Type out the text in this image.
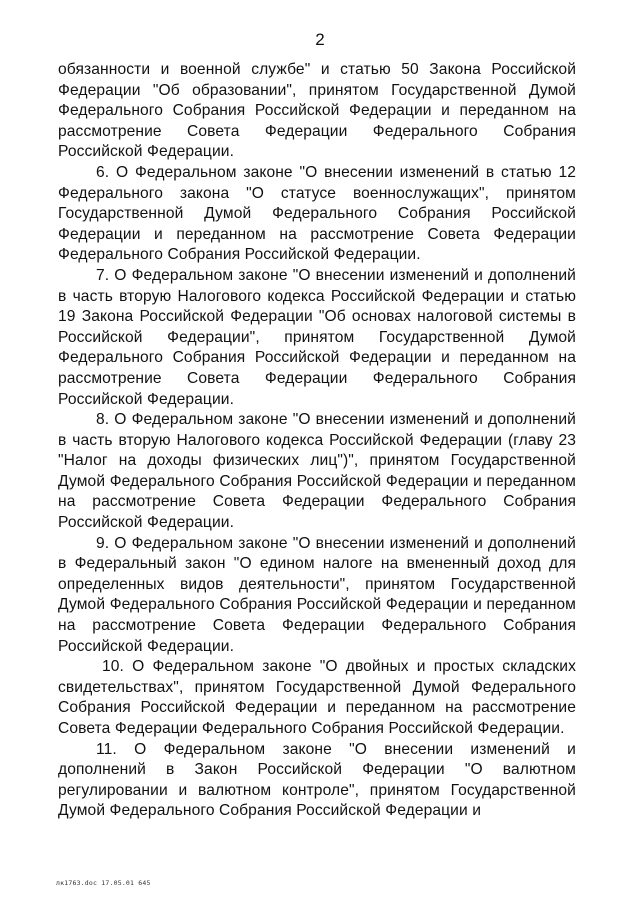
2

обязанности и военной службе" и статью 50 Закона Российской Федерации "Об образовании", принятом Государственной Думой Федерального Собрания Российской Федерации и переданном на рассмотрение Совета Федерации Федерального Собрания Российской Федерации.

6. О Федеральном законе "О внесении изменений в статью 12 Федерального закона "О статусе военнослужащих", принятом Государственной Думой Федерального Собрания Российской Федерации и переданном на рассмотрение Совета Федерации Федерального Собрания Российской Федерации.

7. О Федеральном законе "О внесении изменений и дополнений в часть вторую Налогового кодекса Российской Федерации и статью 19 Закона Российской Федерации "Об основах налоговой системы в Российской Федерации", принятом Государственной Думой Федерального Собрания Российской Федерации и переданном на рассмотрение Совета Федерации Федерального Собрания Российской Федерации.

8. О Федеральном законе "О внесении изменений и дополнений в часть вторую Налогового кодекса Российской Федерации (главу 23 "Налог на доходы физических лиц")", принятом Государственной Думой Федерального Собрания Российской Федерации и переданном на рассмотрение Совета Федерации Федерального Собрания Российской Федерации.

9. О Федеральном законе "О внесении изменений и дополнений в Федеральный закон "О едином налоге на вмененный доход для определенных видов деятельности", принятом Государственной Думой Федерального Собрания Российской Федерации и переданном на рассмотрение Совета Федерации Федерального Собрания Российской Федерации.

10. О Федеральном законе "О двойных и простых складских свидетельствах", принятом Государственной Думой Федерального Собрания Российской Федерации и переданном на рассмотрение Совета Федерации Федерального Собрания Российской Федерации.

11. О Федеральном законе "О внесении изменений и дополнений в Закон Российской Федерации "О валютном регулировании и валютном контроле", принятом Государственной Думой Федерального Собрания Российской Федерации и

лк1763.doc 17.05.01 645
